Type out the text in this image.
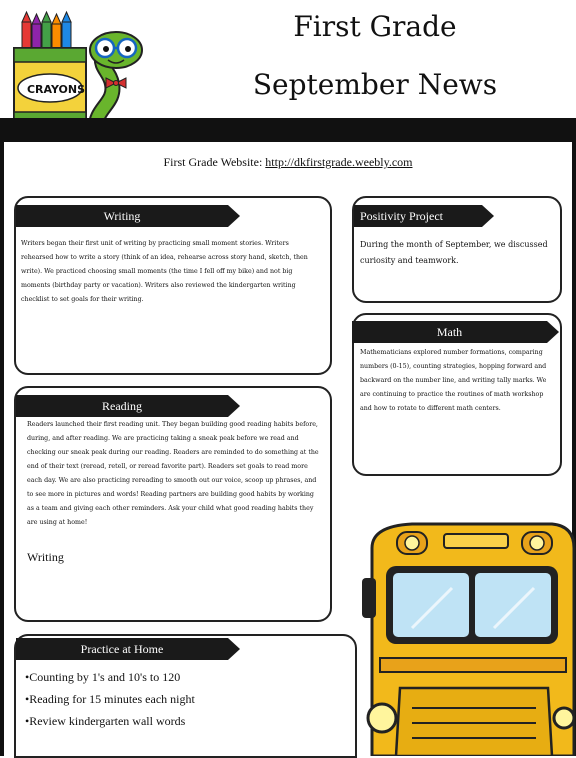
CRAYONS
First Grade
September News
First Grade Website: http://dkfirstgrade.weebly.com
Writing
Writers began their first unit of writing by practicing small moment stories. Writers rehearsed how to write a story (think of an idea, rehearse across story hand, sketch, then write). We practiced choosing small moments (the time I fell off my bike) and not big moments (birthday party or vacation). Writers also reviewed the kindergarten writing checklist to set goals for their writing.
Positivity Project
During the month of September, we discussed curiosity and teamwork.
Math
Mathematicians explored number formations, comparing numbers (0-15), counting strategies, hopping forward and backward on the number line, and writing tally marks. We are continuing to practice the routines of math workshop and how to rotate to different math centers.
Reading
Readers launched their first reading unit. They began building good reading habits before, during, and after reading. We are practicing taking a sneak peak before we read and checking our sneak peak during our reading. Readers are reminded to do something at the end of their text (reread, retell, or reread favorite part). Readers set goals to read more each day. We are also practicing rereading to smooth out our voice, scoop up phrases, and to see more in pictures and words! Reading partners are building good habits by working as a team and giving each other reminders. Ask your child what good reading habits they are using at home!
Writing
Practice at Home
•Counting by 1's and 10's to 120
•Reading for 15 minutes each night
•Review kindergarten wall words
